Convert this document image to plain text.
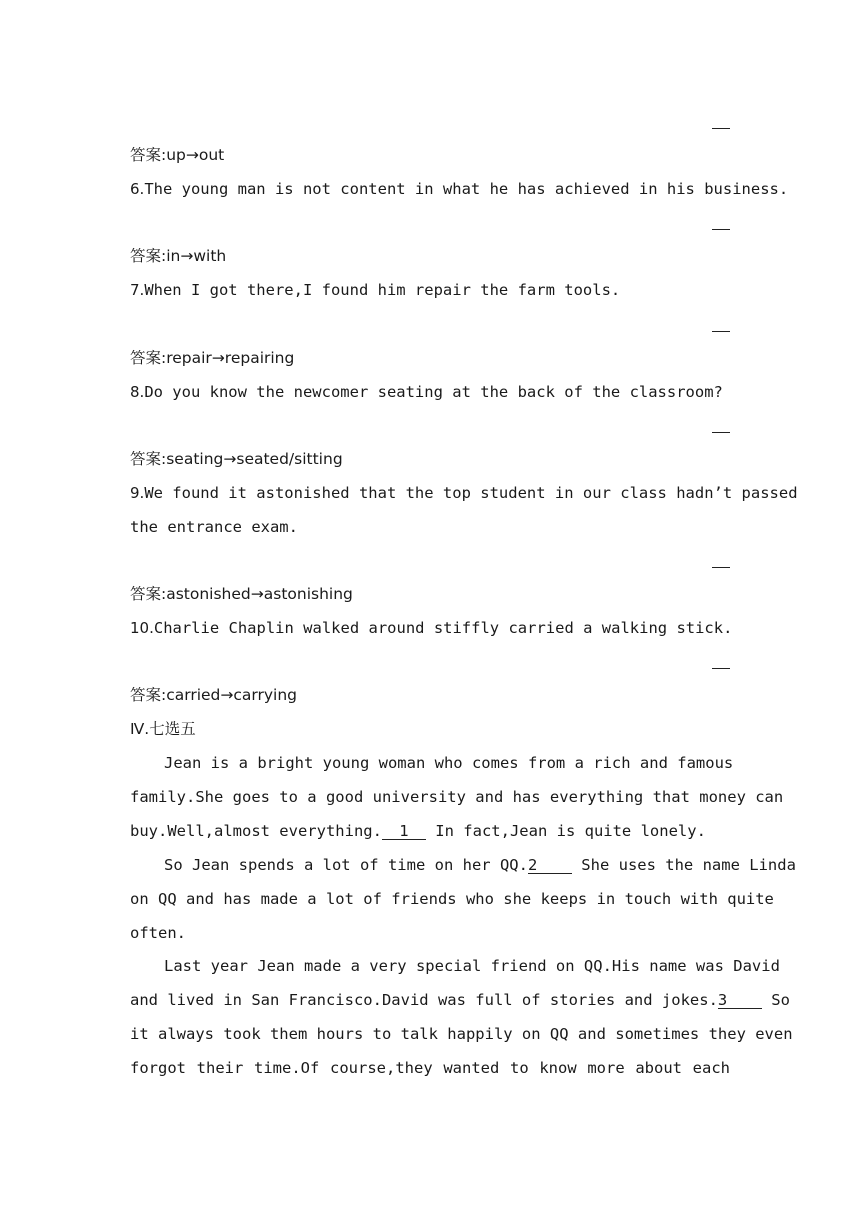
答案:up→out
6.The young man is not content in what he has achieved in his business.
答案:in→with
7.When I got there,I found him repair the farm tools.
答案:repair→repairing
8.Do you know the newcomer seating at the back of the classroom?
答案:seating→seated/sitting
9.We found it astonished that the top student in our class hadn’t passed
the entrance exam.
答案:astonished→astonishing
10.Charlie Chaplin walked around stiffly carried a walking stick.
答案:carried→carrying
Ⅳ.七选五
Jean is a bright young woman who comes from a rich and famous
family.She goes to a good university and has everything that money can
buy.Well,almost everything. 1 In fact,Jean is quite lonely.
So Jean spends a lot of time on her QQ.2 She uses the name Linda
on QQ and has made a lot of friends who she keeps in touch with quite
often.
Last year Jean made a very special friend on QQ.His name was David
and lived in San Francisco.David was full of stories and jokes.3 So
it always took them hours to talk happily on QQ and sometimes they even
forgot their time.Of course,they wanted to know more about each
